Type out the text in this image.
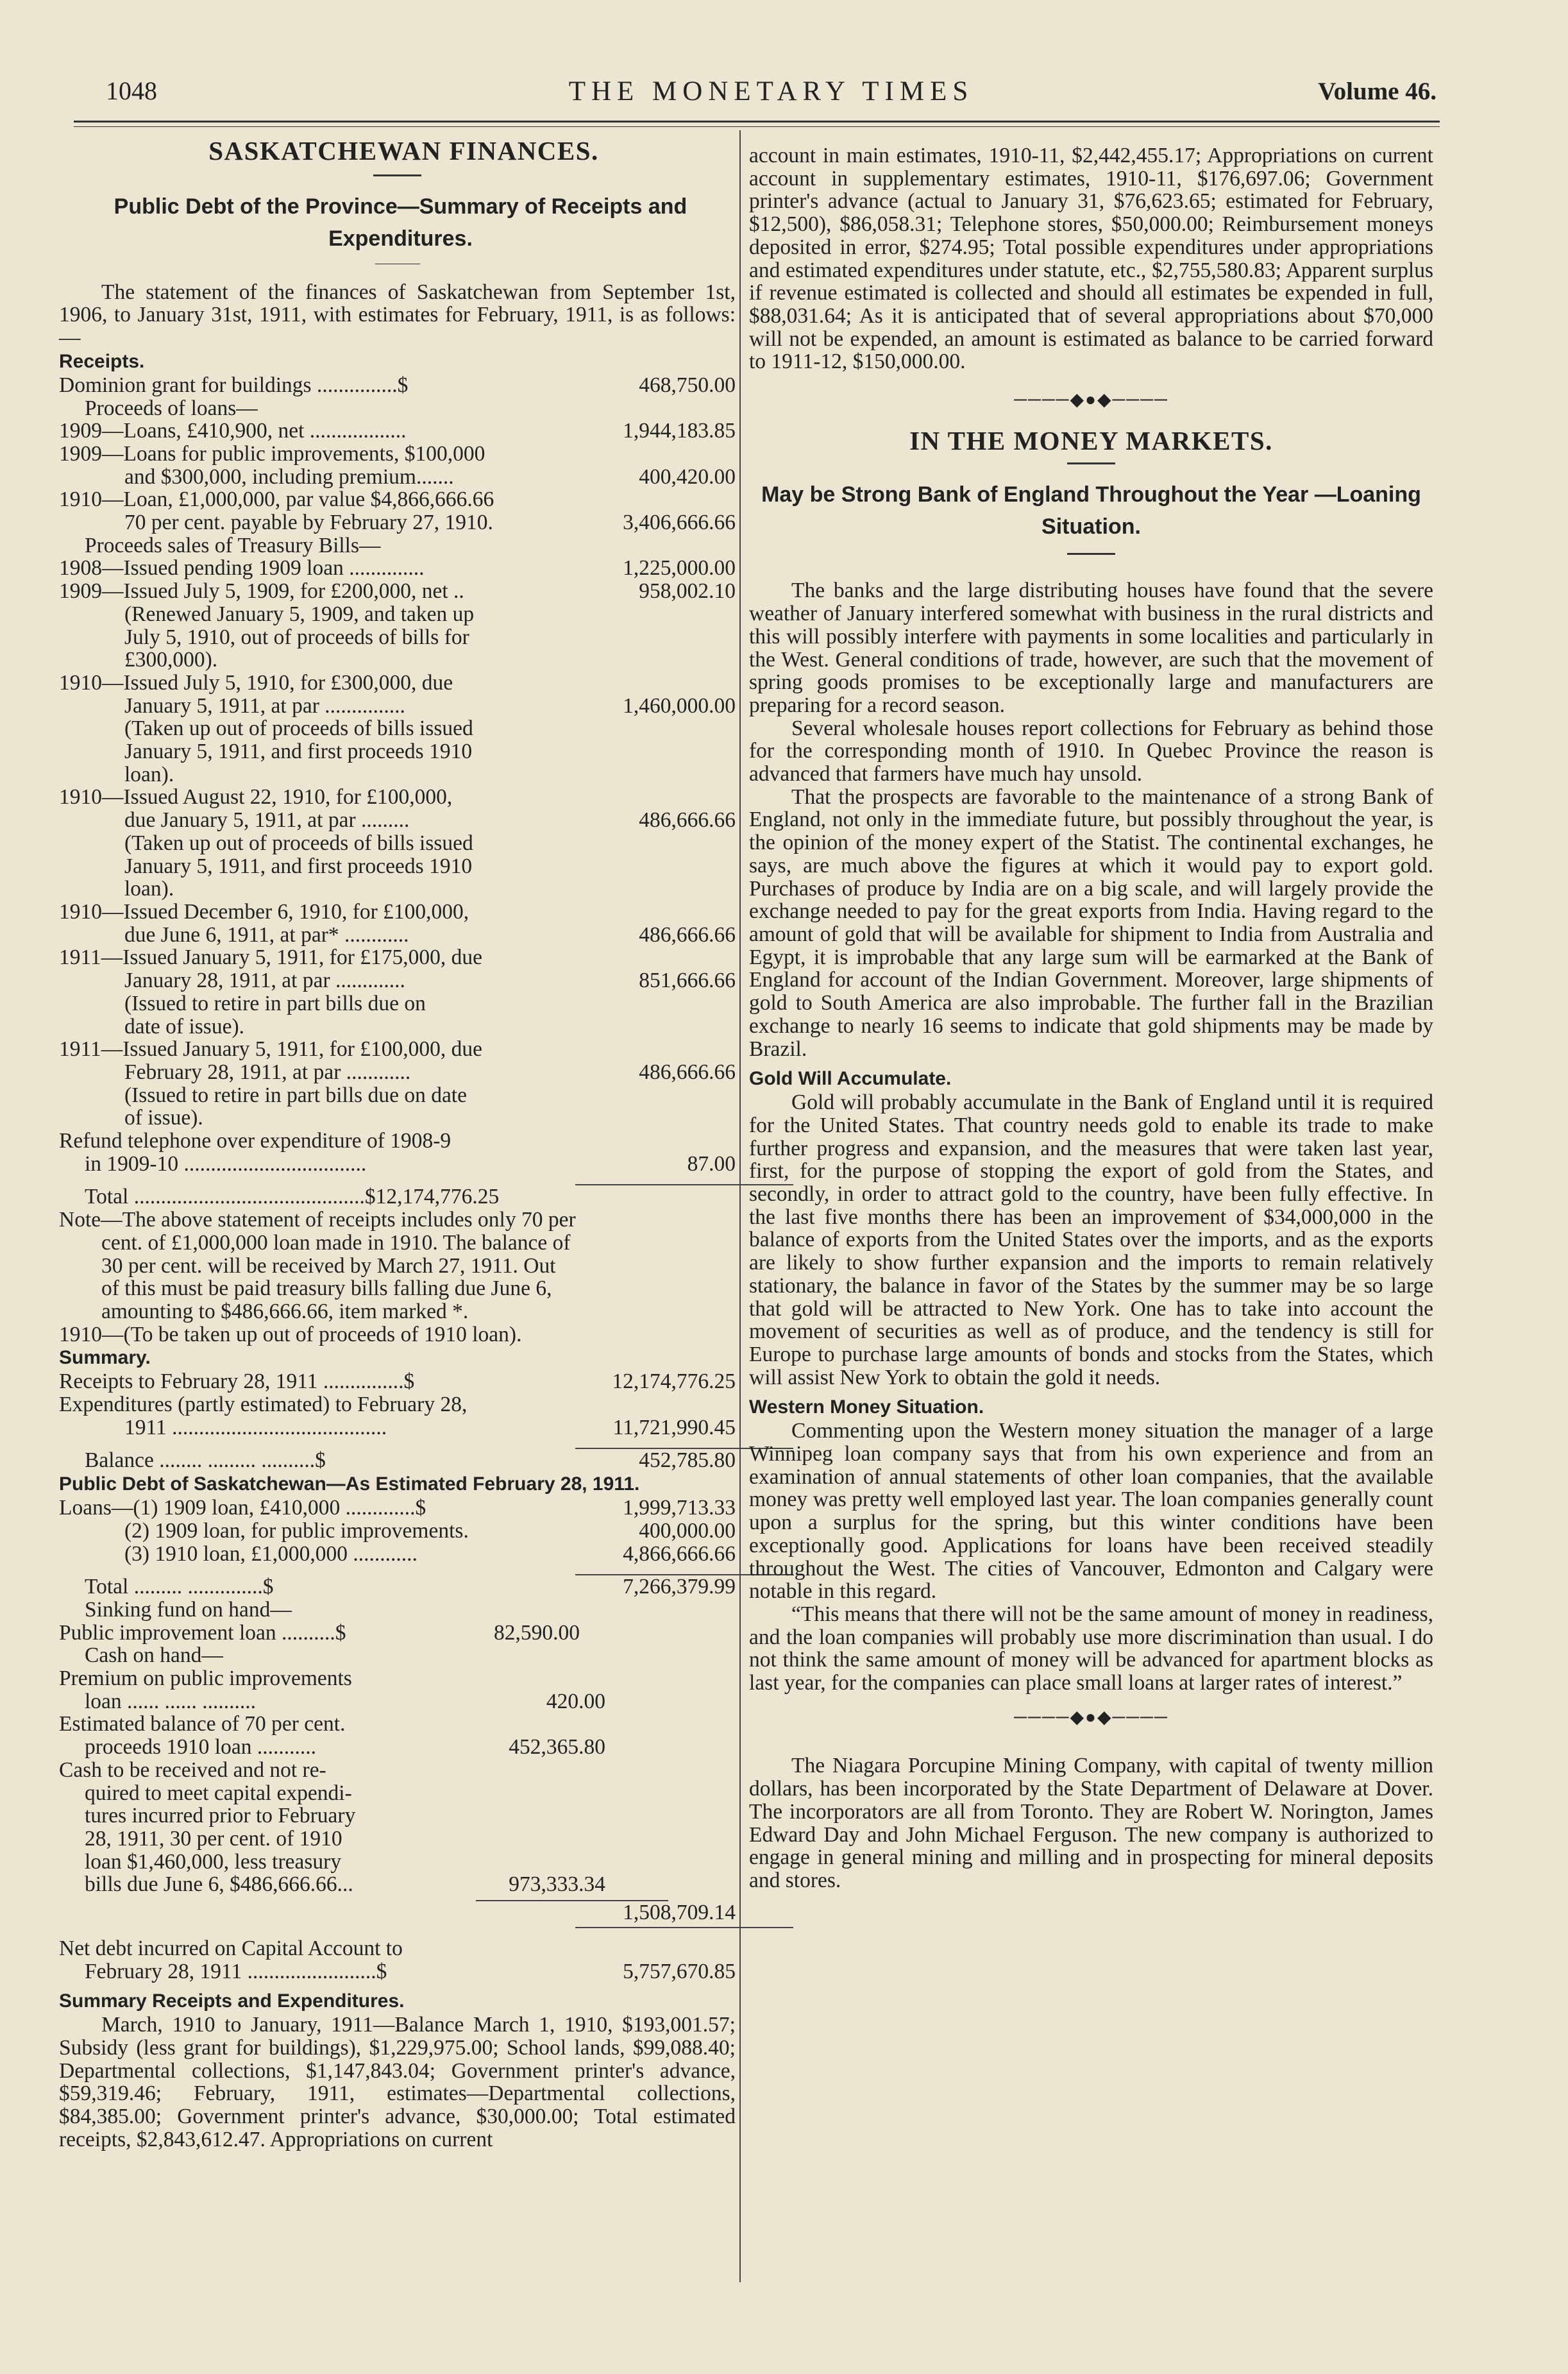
1048	THE MONETARY TIMES	Volume 46.
SASKATCHEWAN FINANCES.
Public Debt of the Province—Summary of Receipts and Expenditures.

The statement of the finances of Saskatchewan from September 1st, 1906, to January 31st, 1911, with estimates for February, 1911, is as follows:—

Receipts.
Dominion grant for buildings ...............$	468,750.00
Proceeds of loans—
1909—Loans, £410,900, net ..................	1,944,183.85
1909—Loans for public improvements, $100,000
and $300,000, including premium.......	400,420.00
1910—Loan, £1,000,000, par value $4,866,666.66
70 per cent. payable by February 27, 1910.	3,406,666.66
Proceeds sales of Treasury Bills—
1908—Issued pending 1909 loan ..............	1,225,000.00
1909—Issued July 5, 1909, for £200,000, net ..	958,002.10
(Renewed January 5, 1909, and taken up
July 5, 1910, out of proceeds of bills for
£300,000).
1910—Issued July 5, 1910, for £300,000, due
January 5, 1911, at par ...............	1,460,000.00
(Taken up out of proceeds of bills issued
January 5, 1911, and first proceeds 1910
loan).
1910—Issued August 22, 1910, for £100,000,
due January 5, 1911, at par .........	486,666.66
(Taken up out of proceeds of bills issued
January 5, 1911, and first proceeds 1910
loan).
1910—Issued December 6, 1910, for £100,000,
due June 6, 1911, at par* ............	486,666.66
1911—Issued January 5, 1911, for £175,000, due
January 28, 1911, at par .............	851,666.66
(Issued to retire in part bills due on
date of issue).
1911—Issued January 5, 1911, for £100,000, due
February 28, 1911, at par ............	486,666.66
(Issued to retire in part bills due on date
of issue).
Refund telephone over expenditure of 1908-9
in 1909-10 ..................................	87.00
Total ...........................................$12,174,776.25
Note—The above statement of receipts includes only 70 per
cent. of £1,000,000 loan made in 1910. The balance of
30 per cent. will be received by March 27, 1911. Out
of this must be paid treasury bills falling due June 6,
amounting to $486,666.66, item marked *.
1910—(To be taken up out of proceeds of 1910 loan).
Summary.
Receipts to February 28, 1911 ...............$	12,174,776.25
Expenditures (partly estimated) to February 28,
1911 ........................................	11,721,990.45
Balance ........ ......... ..........$	452,785.80
Public Debt of Saskatchewan—As Estimated February 28, 1911.
Loans—(1) 1909 loan, £410,000 .............$	1,999,713.33
(2) 1909 loan, for public improvements.	400,000.00
(3) 1910 loan, £1,000,000 ............	4,866,666.66
Total ......... ..............$	7,266,379.99
Sinking fund on hand—
Public improvement loan ..........$	82,590.00
Cash on hand—
Premium on public improvements
loan ...... ...... ..........	420.00
Estimated balance of 70 per cent.
proceeds 1910 loan ...........	452,365.80
Cash to be received and not re-
quired to meet capital expendi-
tures incurred prior to February
28, 1911, 30 per cent. of 1910
loan $1,460,000, less treasury
bills due June 6, $486,666.66...	973,333.34
1,508,709.14
Net debt incurred on Capital Account to
February 28, 1911 ........................$	5,757,670.85
Summary Receipts and Expenditures.

March, 1910 to January, 1911—Balance March 1, 1910, $193,001.57; Subsidy (less grant for buildings), $1,229,975.00; School lands, $99,088.40; Departmental collections, $1,147,843.04; Government printer's advance, $59,319.46; February, 1911, estimates—Departmental collections, $84,385.00; Government printer's advance, $30,000.00; Total estimated receipts, $2,843,612.47. Appropriations on current

account in main estimates, 1910-11, $2,442,455.17; Appropriations on current account in supplementary estimates, 1910-11, $176,697.06; Government printer's advance (actual to January 31, $76,623.65; estimated for February, $12,500), $86,058.31; Telephone stores, $50,000.00; Reimbursement moneys deposited in error, $274.95; Total possible expenditures under appropriations and estimated expenditures under statute, etc., $2,755,580.83; Apparent surplus if revenue estimated is collected and should all estimates be expended in full, $88,031.64; As it is anticipated that of several appropriations about $70,000 will not be expended, an amount is estimated as balance to be carried forward to 1911-12, $150,000.00.

────◆●◆────
IN THE MONEY MARKETS.
May be Strong Bank of England Throughout the Year —Loaning Situation.

The banks and the large distributing houses have found that the severe weather of January interfered somewhat with business in the rural districts and this will possibly interfere with payments in some localities and particularly in the West. General conditions of trade, however, are such that the movement of spring goods promises to be exceptionally large and manufacturers are preparing for a record season.

Several wholesale houses report collections for February as behind those for the corresponding month of 1910. In Quebec Province the reason is advanced that farmers have much hay unsold.

That the prospects are favorable to the maintenance of a strong Bank of England, not only in the immediate future, but possibly throughout the year, is the opinion of the money expert of the Statist. The continental exchanges, he says, are much above the figures at which it would pay to export gold. Purchases of produce by India are on a big scale, and will largely provide the exchange needed to pay for the great exports from India. Having regard to the amount of gold that will be available for shipment to India from Australia and Egypt, it is improbable that any large sum will be earmarked at the Bank of England for account of the Indian Government. Moreover, large shipments of gold to South America are also improbable. The further fall in the Brazilian exchange to nearly 16 seems to indicate that gold shipments may be made by Brazil.

Gold Will Accumulate.

Gold will probably accumulate in the Bank of England until it is required for the United States. That country needs gold to enable its trade to make further progress and expansion, and the measures that were taken last year, first, for the purpose of stopping the export of gold from the States, and secondly, in order to attract gold to the country, have been fully effective. In the last five months there has been an improvement of $34,000,000 in the balance of exports from the United States over the imports, and as the exports are likely to show further expansion and the imports to remain relatively stationary, the balance in favor of the States by the summer may be so large that gold will be attracted to New York. One has to take into account the movement of securities as well as of produce, and the tendency is still for Europe to purchase large amounts of bonds and stocks from the States, which will assist New York to obtain the gold it needs.

Western Money Situation.

Commenting upon the Western money situation the manager of a large Winnipeg loan company says that from his own experience and from an examination of annual statements of other loan companies, that the available money was pretty well employed last year. The loan companies generally count upon a surplus for the spring, but this winter conditions have been exceptionally good. Applications for loans have been received steadily throughout the West. The cities of Vancouver, Edmonton and Calgary were notable in this regard.

“This means that there will not be the same amount of money in readiness, and the loan companies will probably use more discrimination than usual. I do not think the same amount of money will be advanced for apartment blocks as last year, for the companies can place small loans at larger rates of interest.”

────◆●◆────

The Niagara Porcupine Mining Company, with capital of twenty million dollars, has been incorporated by the State Department of Delaware at Dover. The incorporators are all from Toronto. They are Robert W. Norington, James Edward Day and John Michael Ferguson. The new company is authorized to engage in general mining and milling and in prospecting for mineral deposits and stores.
